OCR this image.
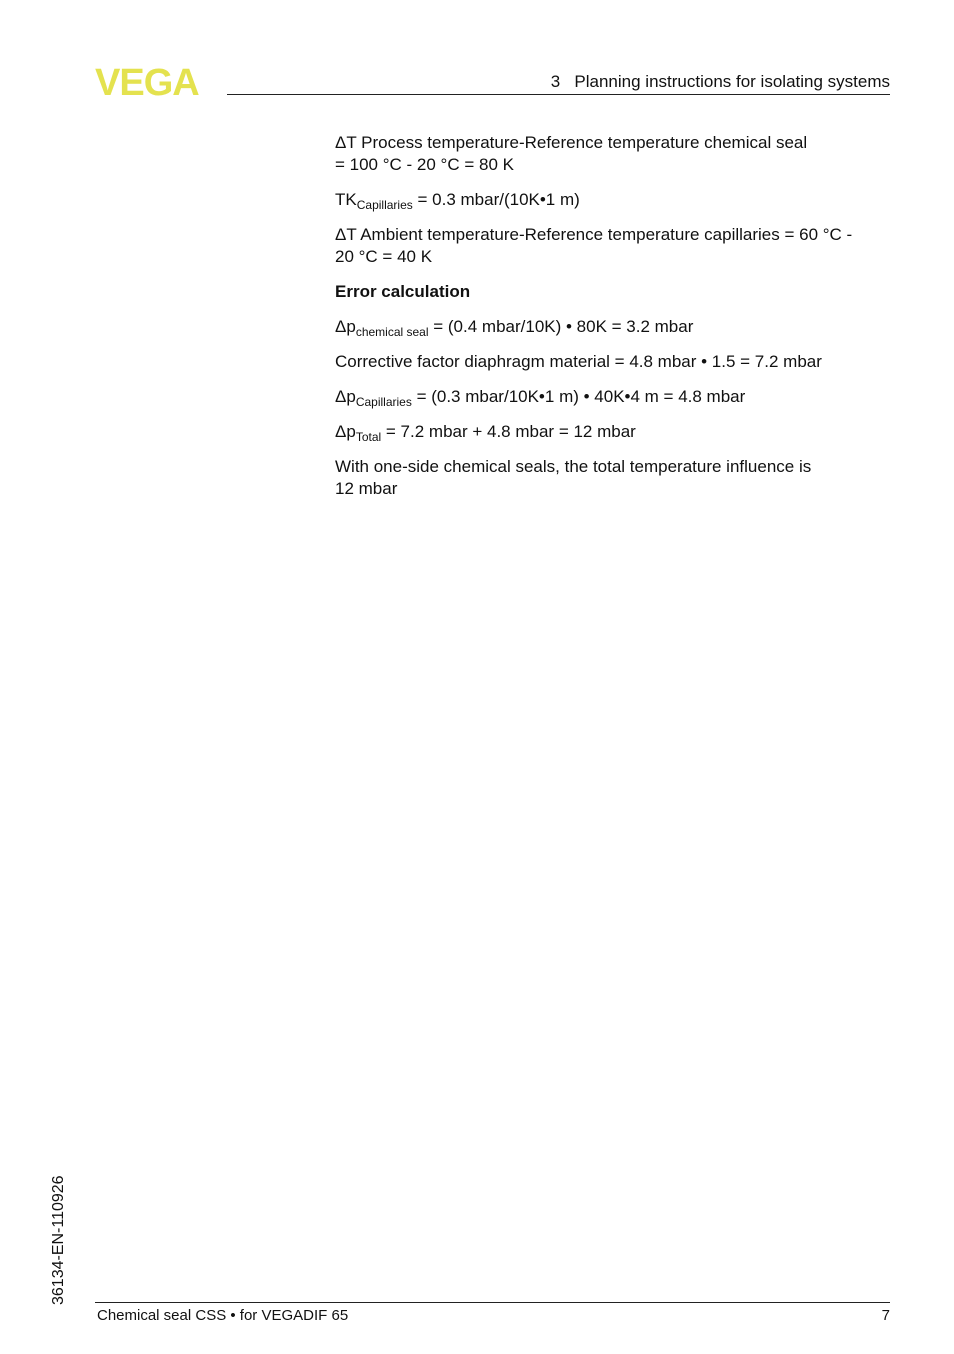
VEGA	3   Planning instructions for isolating systems

ΔT Process temperature-Reference temperature chemical seal
= 100 °C - 20 °C = 80 K

$TK_{Capillaries} = 0.3$ mbar/(10K•1 m)

ΔT Ambient temperature-Reference temperature capillaries = 60 °C -
20 °C = 40 K

Error calculation

$\Delta p_{chemical seal} = (0.4$ mbar/10K) • 80K = 3.2 mbar

Corrective factor diaphragm material = 4.8 mbar • 1.5 = 7.2 mbar

$\Delta p_{Capillaries} = (0.3$ mbar/10K•1 m) • 40K•4 m = 4.8 mbar

$\Delta p_{Total} = 7.2$ mbar + 4.8 mbar = 12 mbar

With one-side chemical seals, the total temperature influence is
12 mbar

36134-EN-110926
Chemical seal CSS • for VEGADIF 65	7
